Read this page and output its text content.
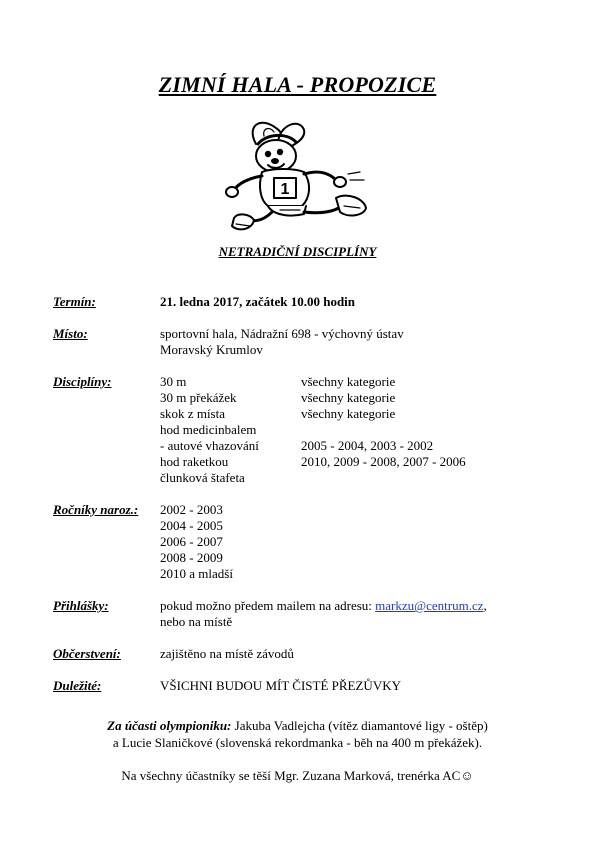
ZIMNÍ HALA - PROPOZICE
1
NETRADIČNÍ DISCIPLÍNY
Termín:	21. ledna 2017, začátek 10.00 hodin
Místo:	sportovní hala, Nádražní 698 - výchovný ústav
Moravský Krumlov
Disciplíny:	30 m	všechny kategorie
30 m překážek	všechny kategorie
skok z místa	všechny kategorie
hod medicinbalem
- autové vhazování	2005 - 2004, 2003 - 2002
hod raketkou	2010, 2009 - 2008, 2007 - 2006
člunková štafeta
Ročníky naroz.: 2002 - 2003
2004 - 2005
2006 - 2007
2008 - 2009
2010 a mladší
Přihlášky:	pokud možno předem mailem na adresu: markzu@centrum.cz,
nebo na místě
Občerstvení:	zajištěno na místě závodů
Duležité:	VŠICHNI BUDOU MÍT ČISTÉ PŘEZŮVKY
Za účasti olympioniku: Jakuba Vadlejcha (vítěz diamantové ligy - oštěp)
a Lucie Slaničkové (slovenská rekordmanka - běh na 400 m překážek).
Na všechny účastníky se těší Mgr. Zuzana Marková, trenérka AC☺
